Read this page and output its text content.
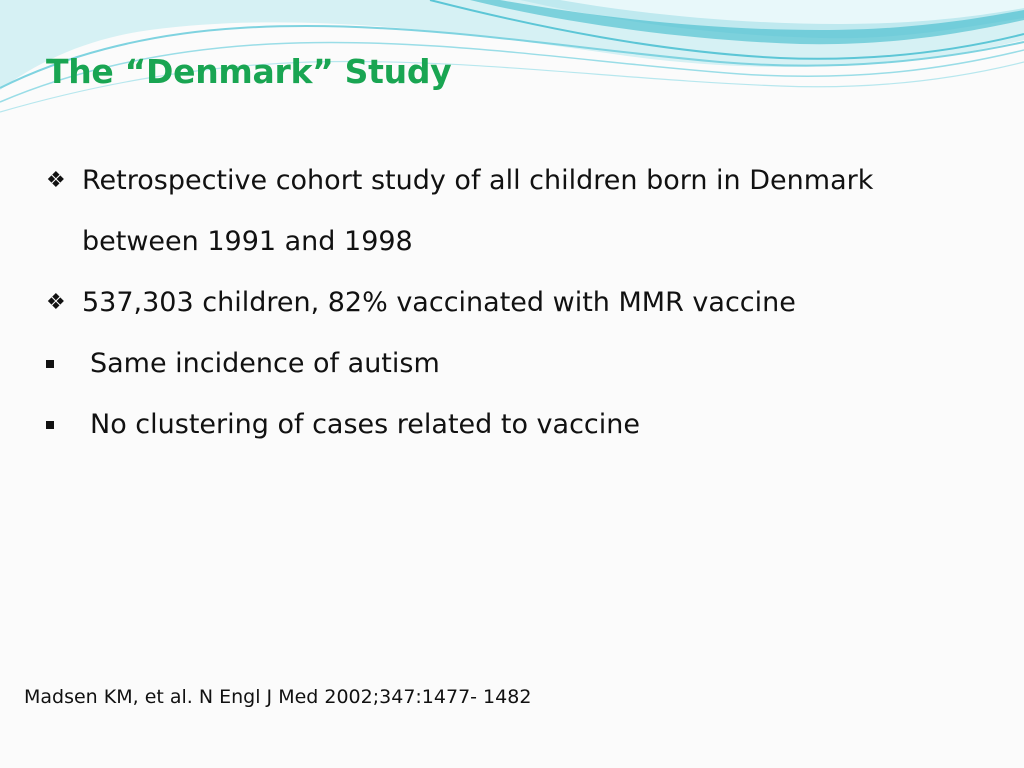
The “Denmark” Study
❖ Retrospective cohort study of all children born in Denmark
between 1991 and 1998
❖ 537,303 children, 82% vaccinated with MMR vaccine
Same incidence of autism
No clustering of cases related to vaccine
Madsen KM, et al. N Engl J Med 2002;347:1477- 1482
